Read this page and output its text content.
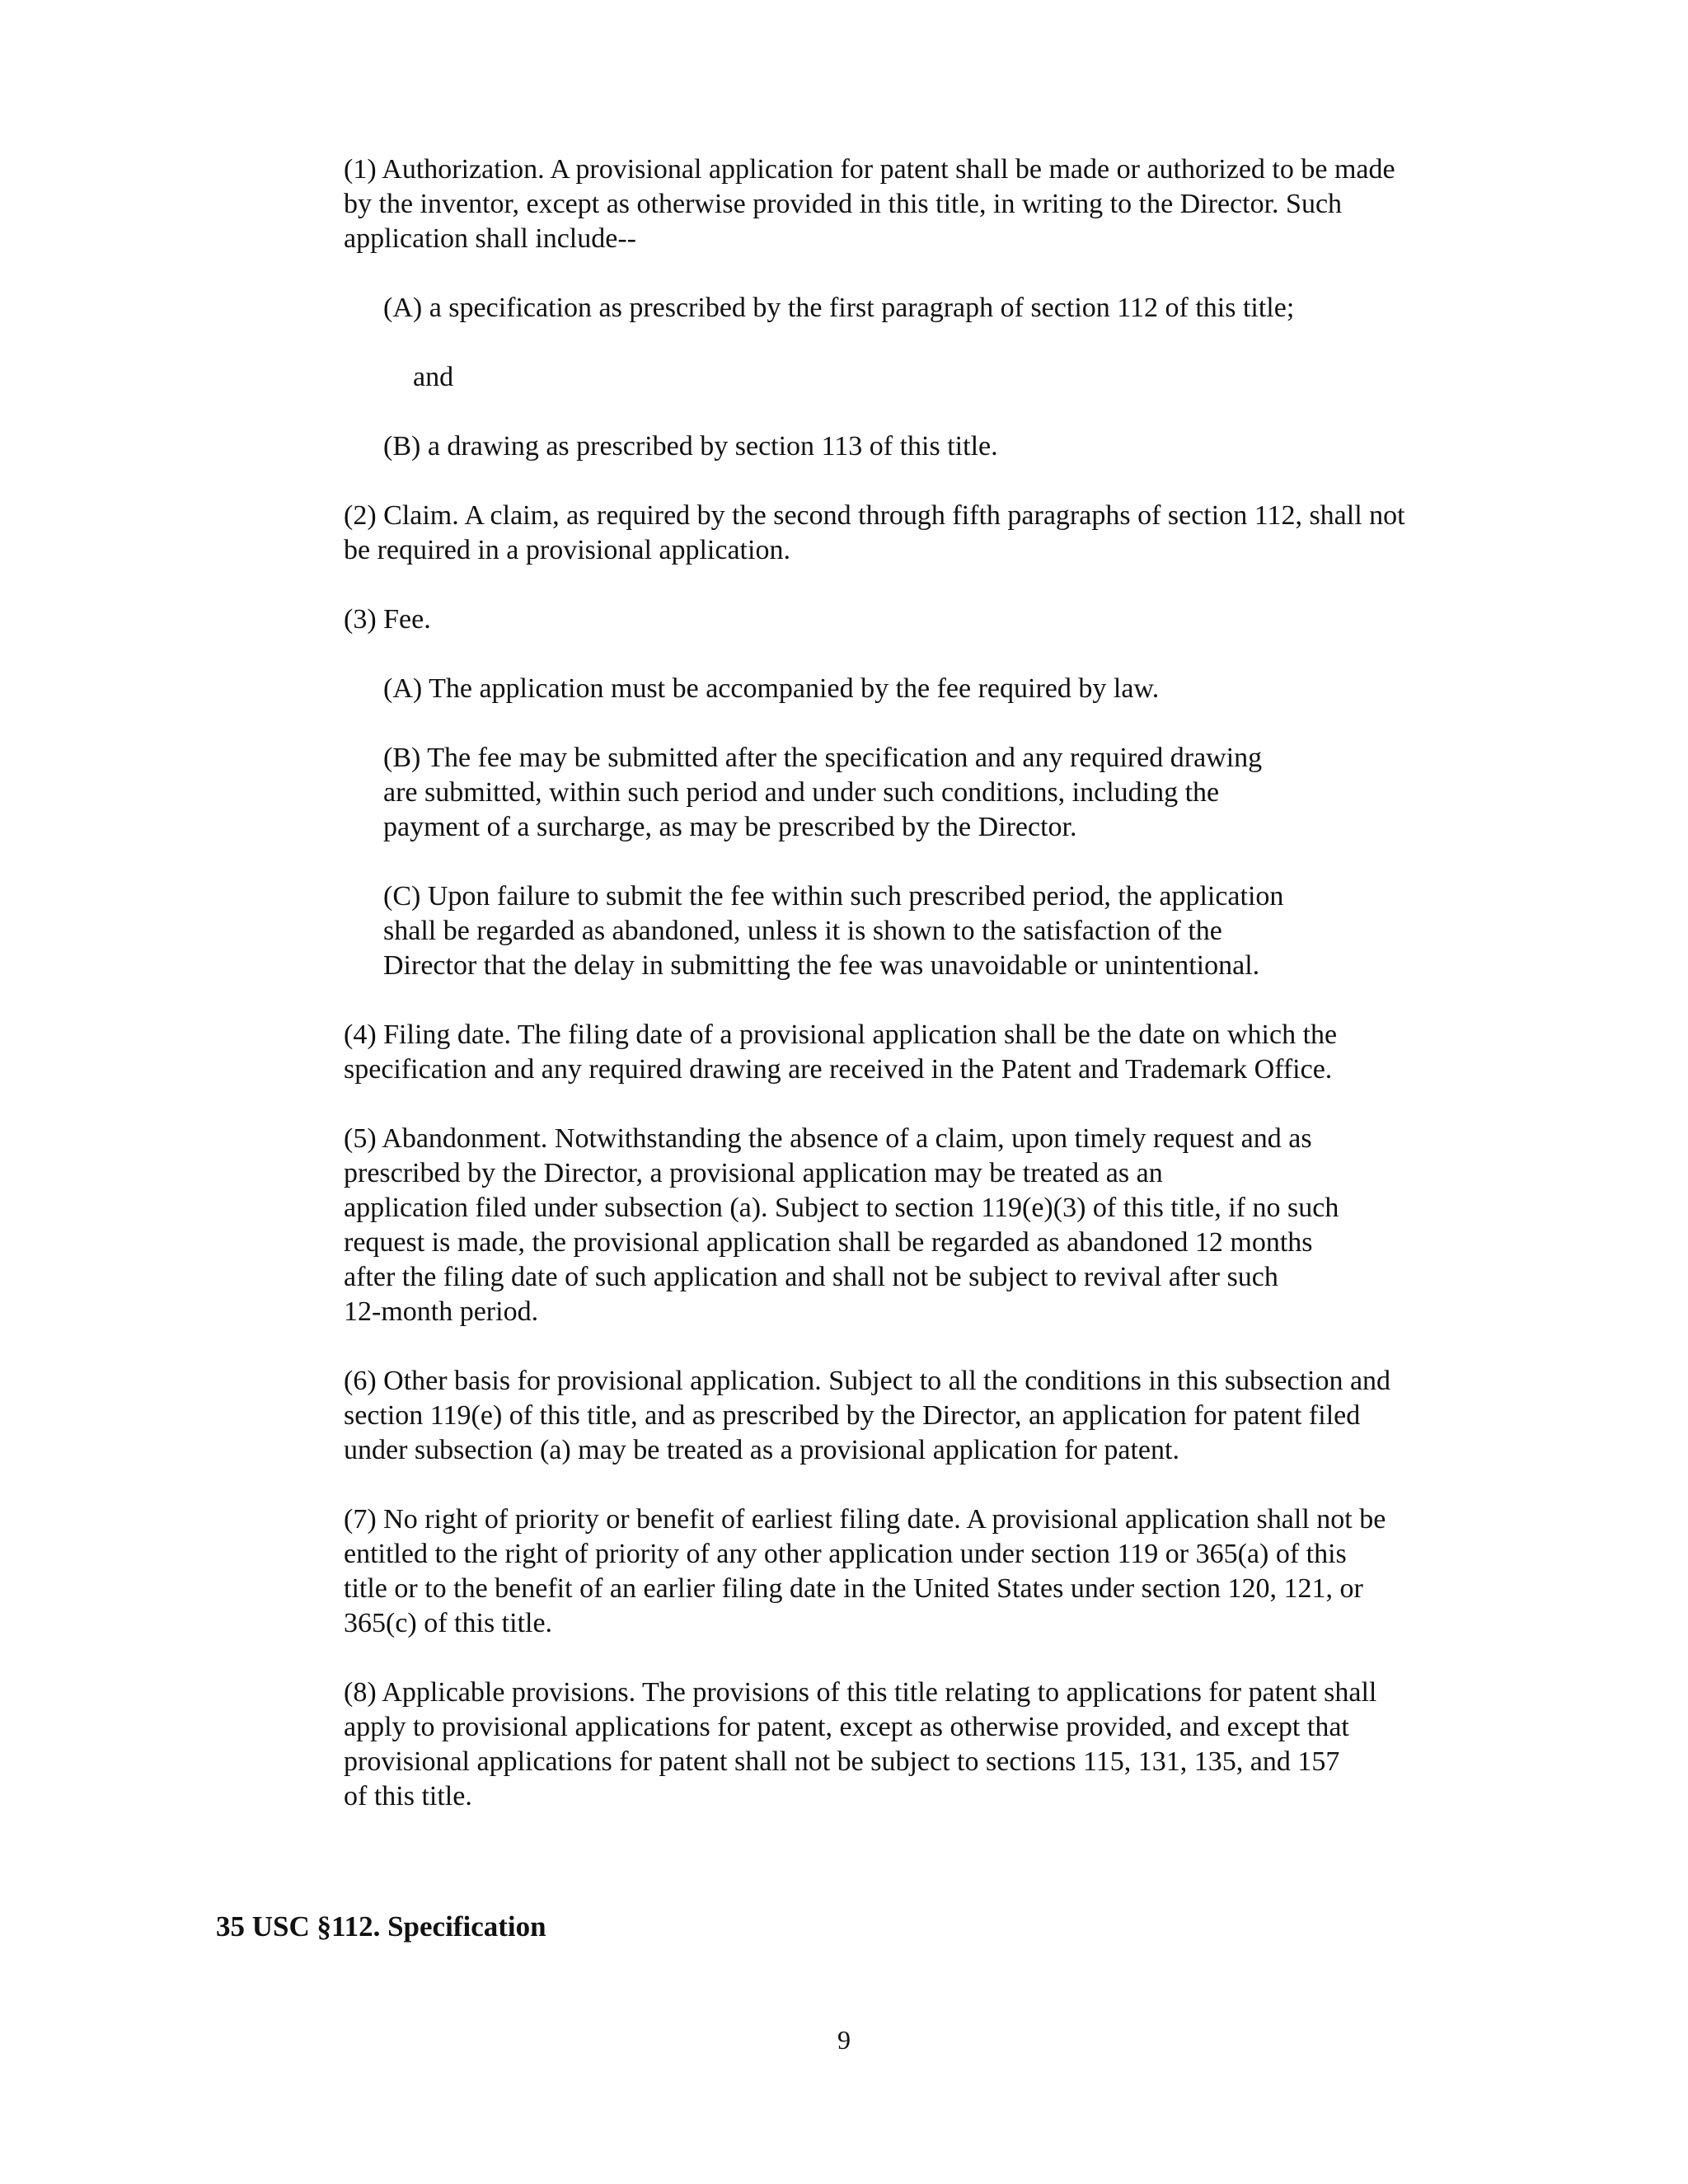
(1) Authorization. A provisional application for patent shall be made or authorized to be made
by the inventor, except as otherwise provided in this title, in writing to the Director. Such
application shall include--

(A) a specification as prescribed by the first paragraph of section 112 of this title;

and

(B) a drawing as prescribed by section 113 of this title.

(2) Claim. A claim, as required by the second through fifth paragraphs of section 112, shall not
be required in a provisional application.

(3) Fee.

(A) The application must be accompanied by the fee required by law.

(B) The fee may be submitted after the specification and any required drawing
are submitted, within such period and under such conditions, including the
payment of a surcharge, as may be prescribed by the Director.

(C) Upon failure to submit the fee within such prescribed period, the application
shall be regarded as abandoned, unless it is shown to the satisfaction of the
Director that the delay in submitting the fee was unavoidable or unintentional.

(4) Filing date. The filing date of a provisional application shall be the date on which the
specification and any required drawing are received in the Patent and Trademark Office.

(5) Abandonment. Notwithstanding the absence of a claim, upon timely request and as
prescribed by the Director, a provisional application may be treated as an
application filed under subsection (a). Subject to section 119(e)(3) of this title, if no such
request is made, the provisional application shall be regarded as abandoned 12 months
after the filing date of such application and shall not be subject to revival after such
12-month period.

(6) Other basis for provisional application. Subject to all the conditions in this subsection and
section 119(e) of this title, and as prescribed by the Director, an application for patent filed
under subsection (a) may be treated as a provisional application for patent.

(7) No right of priority or benefit of earliest filing date. A provisional application shall not be
entitled to the right of priority of any other application under section 119 or 365(a) of this
title or to the benefit of an earlier filing date in the United States under section 120, 121, or
365(c) of this title.

(8) Applicable provisions. The provisions of this title relating to applications for patent shall
apply to provisional applications for patent, except as otherwise provided, and except that
provisional applications for patent shall not be subject to sections 115, 131, 135, and 157
of this title.

35 USC §112. Specification

9
